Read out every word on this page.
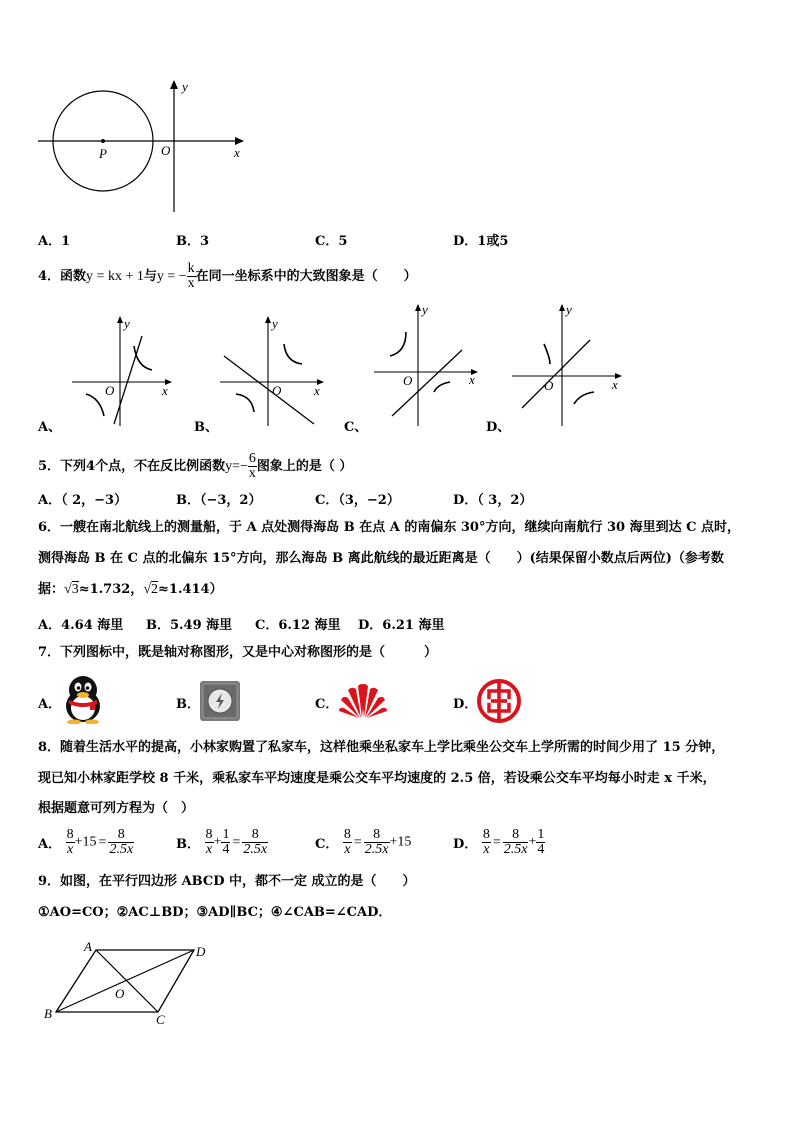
P	O	x
y
A．1	B．3	C．5	D．1或5
4．函数y = kx + 1与y = − $\frac{k}{x}$ 在同一坐标系中的大致图象是（　　）
y
x
O
A、
y
x
O
B、
y
x
O
C、
y
x
O
D、
5．下列4个点，不在反比例函数$y=- \frac{6}{x}$ 图象上的是（ ）
A．（ 2，−3）	B．（−3，2）	C．（3，−2）	D．（ 3，2）
6．一艘在南北航线上的测量船，于 A 点处测得海岛 B 在点 A 的南偏东 30°方向，继续向南航行 30 海里到达 C 点时，
测得海岛 B 在 C 点的北偏东 15°方向，那么海岛 B 离此航线的最近距离是（　　）(结果保留小数点后两位)（参考数
据：√3≈1.732，√2≈1.414）
A．4.64 海里 B．5.49 海里 C．6.12 海里 D．6.21 海里
7．下列图标中，既是轴对称图形，又是中心对称图形的是（　　　）
A．	B．	C．	D．
8．随着生活水平的提高，小林家购置了私家车，这样他乘坐私家车上学比乘坐公交车上学所需的时间少用了 15 分钟，
现已知小林家距学校 8 千米，乘私家车平均速度是乘公交车平均速度的 2.5 倍，若设乘公交车平均每小时走 x 千米，
根据题意可列方程为（　）
A． $\frac{8}{x} +15 = \frac{8}{2.5x}$	B． $\frac{8}{x} + \frac{1}{4} = \frac{8}{2.5x}$	C． $\frac{8}{x} = \frac{8}{2.5x} +15$	D． $\frac{8}{x} = \frac{8}{2.5x} + \frac{1}{4}$
9．如图，在平行四边形 ABCD 中，都不一定 成立的是（　　）
①AO=CO；②AC⊥BD；③AD∥BC；④∠CAB=∠CAD．
A	D
B	C
O
